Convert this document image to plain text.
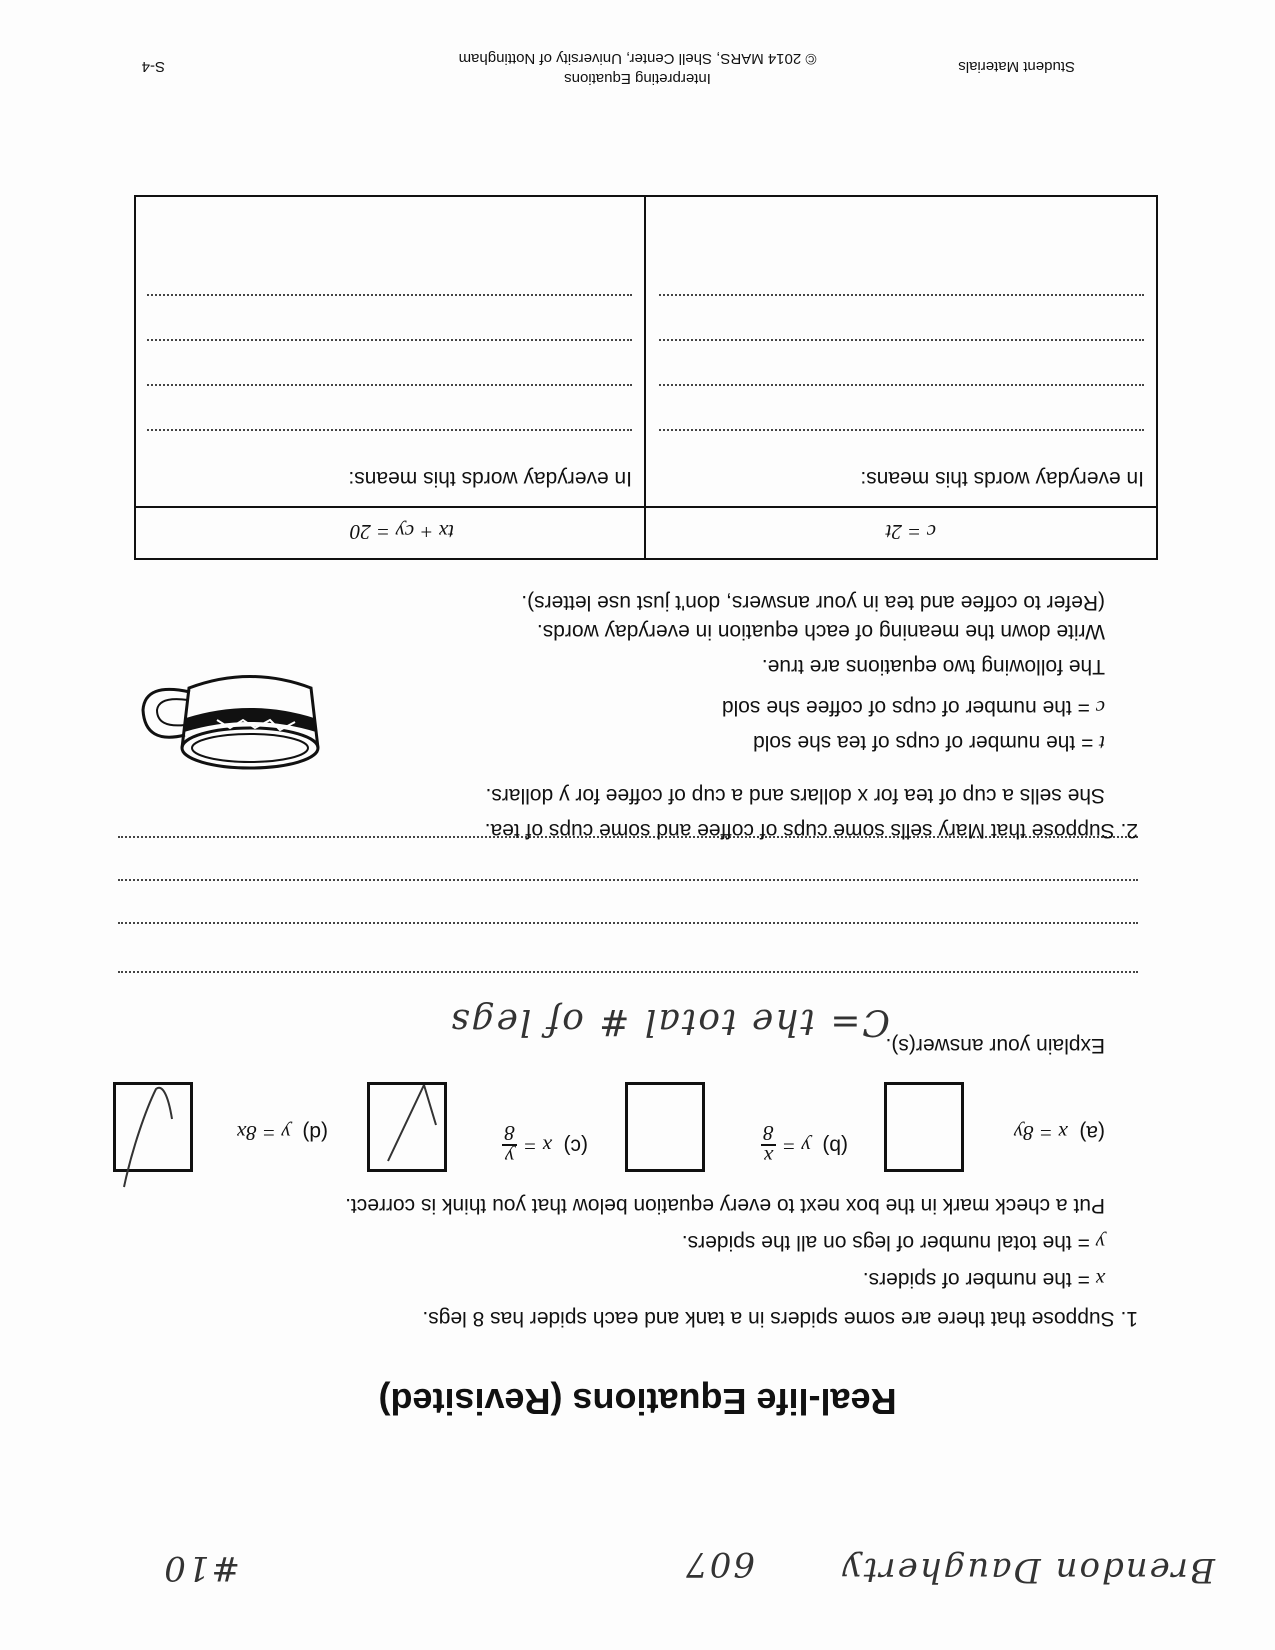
Brendon Daugherty
607
#10
Real-life Equations (Revisited)
1. Suppose that there are some spiders in a tank and each spider has 8 legs.
x = the number of spiders.
y = the total number of legs on all the spiders.
Put a check mark in the box next to every equation below that you think is correct.
(a)  x = 8y
(b)  y =
x
8
(c)  x =
y
8
(d)  y = 8x
Explain your answer(s).
C= the total # of legs
2. Suppose that Mary sells some cups of coffee and some cups of tea.
She sells a cup of tea for x dollars and a cup of coffee for y dollars.
t = the number of cups of tea she sold
c = the number of cups of coffee she sold
The following two equations are true.
Write down the meaning of each equation in everyday words.
(Refer to coffee and tea in your answers, don't just use letters).
c = 2t	tx + cy = 20

In everyday words this means:	In everyday words this means:
Student Materials
Interpreting Equations
© 2014 MARS, Shell Center, University of Nottingham
S-4
